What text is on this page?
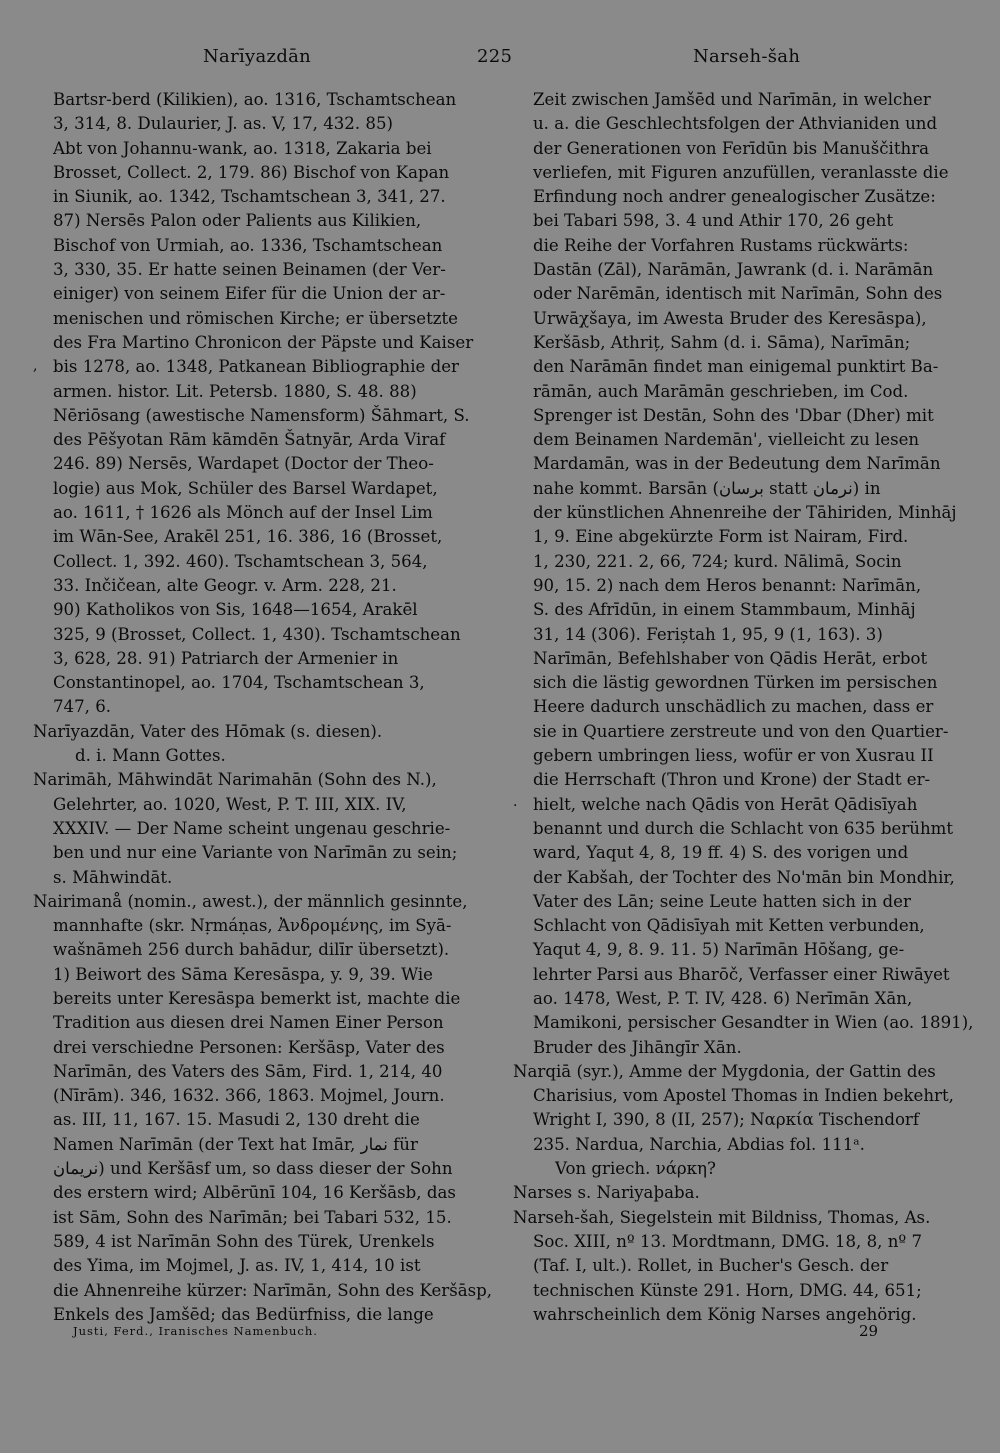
Narīyazdān	225	Narseh-šah
Bartsr-berd (Kilikien), ao. 1316, Tschamtschean
3, 314, 8. Dulaurier, J. as. V, 17, 432. 85)
Abt von Johannu-wank, ao. 1318, Zakaria bei
Brosset, Collect. 2, 179. 86) Bischof von Kapan
in Siunik, ao. 1342, Tschamtschean 3, 341, 27.
87) Nersēs Palon oder Palients aus Kilikien,
Bischof von Urmiah, ao. 1336, Tschamtschean
3, 330, 35. Er hatte seinen Beinamen (der Ver-
einiger) von seinem Eifer für die Union der ar-
menischen und römischen Kirche; er übersetzte
des Fra Martino Chronicon der Päpste und Kaiser
bis 1278, ao. 1348, Patkanean Bibliographie der
armen. histor. Lit. Petersb. 1880, S. 48. 88)
Nēriōsang (awestische Namensform) Šāhmart, S.
des Pēšyotan Rām kāmdēn Šatnyār, Arda Viraf
246. 89) Nersēs, Wardapet (Doctor der Theo-
logie) aus Mok, Schüler des Barsel Wardapet,
ao. 1611, † 1626 als Mönch auf der Insel Lim
im Wān-See, Arakēl 251, 16. 386, 16 (Brosset,
Collect. 1, 392. 460). Tschamtschean 3, 564,
33. Inčičean, alte Geogr. v. Arm. 228, 21.
90) Katholikos von Sis, 1648—1654, Arakēl
325, 9 (Brosset, Collect. 1, 430). Tschamtschean
3, 628, 28. 91) Patriarch der Armenier in
Constantinopel, ao. 1704, Tschamtschean 3,
747, 6.
Narīyazdān, Vater des Hōmak (s. diesen).
d. i. Mann Gottes.
Narimāh, Māhwindāt Narimahān (Sohn des N.),
Gelehrter, ao. 1020, West, P. T. III, XIX. IV,
XXXIV. — Der Name scheint ungenau geschrie-
ben und nur eine Variante von Narīmān zu sein;
s. Māhwindāt.
Nairimanå (nomin., awest.), der männlich gesinnte,
mannhafte (skr. Nṛmáṇas, Ἀνδρομένης, im Syā-
wašnāmeh 256 durch bahādur, dilīr übersetzt).
1) Beiwort des Sāma Keresāspa, y. 9, 39. Wie
bereits unter Keresāspa bemerkt ist, machte die
Tradition aus diesen drei Namen Einer Person
drei verschiedne Personen: Keršāsp, Vater des
Narīmān, des Vaters des Sām, Fird. 1, 214, 40
(Nīrām). 346, 1632. 366, 1863. Mojmel, Journ.
as. III, 11, 167. 15. Masudi 2, 130 dreht die
Namen Narīmān (der Text hat Imār, نمار für
نریمان) und Keršāsf um, so dass dieser der Sohn
des erstern wird; Albērūnī 104, 16 Keršāsb, das
ist Sām, Sohn des Narīmān; bei Tabari 532, 15.
589, 4 ist Narīmān Sohn des Türek, Urenkels
des Yima, im Mojmel, J. as. IV, 1, 414, 10 ist
die Ahnenreihe kürzer: Narīmān, Sohn des Keršāsp,
Enkels des Jamšēd; das Bedürfniss, die lange
Zeit zwischen Jamšēd und Narīmān, in welcher
u. a. die Geschlechtsfolgen der Athvianiden und
der Generationen von Ferīdūn bis Manuščithra
verliefen, mit Figuren anzufüllen, veranlasste die
Erfindung noch andrer genealogischer Zusätze:
bei Tabari 598, 3. 4 und Athir 170, 26 geht
die Reihe der Vorfahren Rustams rückwärts:
Dastān (Zāl), Narāmān, Jawrank (d. i. Narāmān
oder Narēmān, identisch mit Narīmān, Sohn des
Urwāχšaya, im Awesta Bruder des Keresāspa),
Keršāsb, Athriț, Sahm (d. i. Sāma), Narīmān;
den Narāmān findet man einigemal punktirt Ba-
rāmān, auch Marāmān geschrieben, im Cod.
Sprenger ist Destān, Sohn des 'Dbar (Dher) mit
dem Beinamen Nardemān', vielleicht zu lesen
Mardamān, was in der Bedeutung dem Narīmān
nahe kommt. Barsān (برسان statt نرمان) in
der künstlichen Ahnenreihe der Tāhiriden, Minhāj
1, 9. Eine abgekürzte Form ist Nairam, Fird.
1, 230, 221. 2, 66, 724; kurd. Nālimā, Socin
90, 15. 2) nach dem Heros benannt: Narīmān,
S. des Afrīdūn, in einem Stammbaum, Minhāj
31, 14 (306). Feriștah 1, 95, 9 (1, 163). 3)
Narīmān, Befehlshaber von Qādis Herāt, erbot
sich die lästig gewordnen Türken im persischen
Heere dadurch unschädlich zu machen, dass er
sie in Quartiere zerstreute und von den Quartier-
gebern umbringen liess, wofür er von Xusrau II
die Herrschaft (Thron und Krone) der Stadt er-
hielt, welche nach Qādis von Herāt Qādisīyah
benannt und durch die Schlacht von 635 berühmt
ward, Yaqut 4, 8, 19 ff. 4) S. des vorigen und
der Kabšah, der Tochter des No'mān bin Mondhir,
Vater des Lān; seine Leute hatten sich in der
Schlacht von Qādisīyah mit Ketten verbunden,
Yaqut 4, 9, 8. 9. 11. 5) Narīmān Hōšang, ge-
lehrter Parsi aus Bharōč, Verfasser einer Riwāyet
ao. 1478, West, P. T. IV, 428. 6) Nerīmān Xān,
Mamikoni, persischer Gesandter in Wien (ao. 1891),
Bruder des Jihāngīr Xān.
Narqiā (syr.), Amme der Mygdonia, der Gattin des
Charisius, vom Apostel Thomas in Indien bekehrt,
Wright I, 390, 8 (II, 257); Ναρκία Tischendorf
235. Nardua, Narchia, Abdias fol. 111ᵃ.
Von griech. νάρκη?
Narses s. Nariyaþaba.
Narseh-šah, Siegelstein mit Bildniss, Thomas, As.
Soc. XIII, nº 13. Mordtmann, DMG. 18, 8, nº 7
(Taf. I, ult.). Rollet, in Bucher's Gesch. der
technischen Künste 291. Horn, DMG. 44, 651;
wahrscheinlich dem König Narses angehörig.
,
·
Justi, Ferd., Iranisches Namenbuch.	29
